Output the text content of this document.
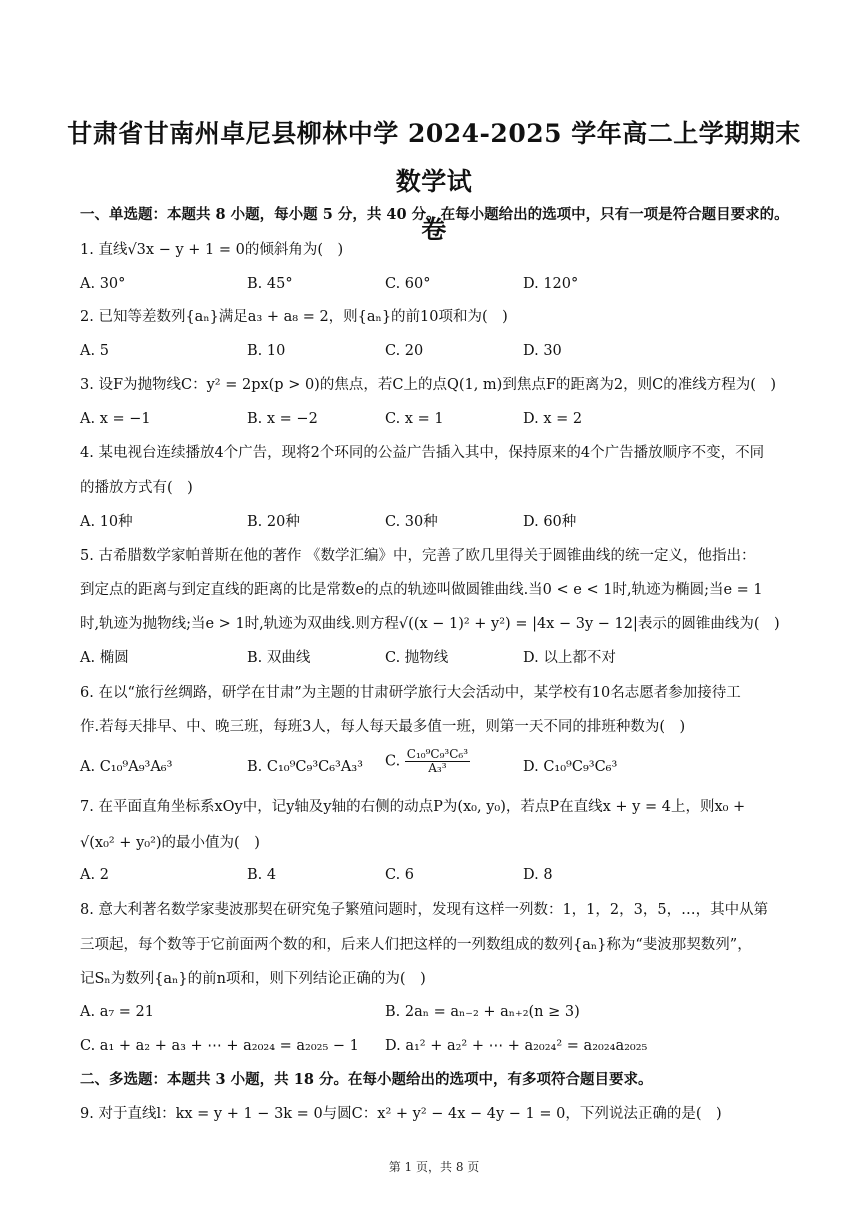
甘肃省甘南州卓尼县柳林中学 2024-2025 学年高二上学期期末数学试
卷
一、单选题：本题共 8 小题，每小题 5 分，共 40 分。在每小题给出的选项中，只有一项是符合题目要求的。
1. 直线√3x − y + 1 = 0的倾斜角为(　)
A. 30°	B. 45°	C. 60°	D. 120°
2. 已知等差数列{aₙ}满足a₃ + a₈ = 2，则{aₙ}的前10项和为(　)
A. 5	B. 10	C. 20	D. 30
3. 设F为抛物线C：y² = 2px(p > 0)的焦点，若C上的点Q(1, m)到焦点F的距离为2，则C的准线方程为(　)
A. x = −1	B. x = −2	C. x = 1	D. x = 2
4. 某电视台连续播放4个广告，现将2个环同的公益广告插入其中，保持原来的4个广告播放顺序不变，不同
的播放方式有(　)
A. 10种	B. 20种	C. 30种	D. 60种
5. 古希腊数学家帕普斯在他的著作 《数学汇编》中，完善了欧几里得关于圆锥曲线的统一定义，他指出：
到定点的距离与到定直线的距离的比是常数e的点的轨迹叫做圆锥曲线.当0 < e < 1时,轨迹为椭圆;当e = 1
时,轨迹为抛物线;当e > 1时,轨迹为双曲线.则方程√((x − 1)² + y²) = |4x − 3y − 12|表示的圆锥曲线为(　)
A. 椭圆	B. 双曲线	C. 抛物线	D. 以上都不对
6. 在以“旅行丝绸路，研学在甘肃”为主题的甘肃研学旅行大会活动中，某学校有10名志愿者参加接待工
作.若每天排早、中、晚三班，每班3人，每人每天最多值一班，则第一天不同的排班种数为(　)
A. C₁₀⁹A₉³A₆³	B. C₁₀⁹C₉³C₆³A₃³ C. $\frac{\text{C₁₀⁹C₉³C₆³}}{\text{A₃³}}$	D. C₁₀⁹C₉³C₆³
7. 在平面直角坐标系xOy中，记y轴及y轴的右侧的动点P为(x₀, y₀)，若点P在直线x + y = 4上，则x₀ +
√(x₀² + y₀²)的最小值为(　)
A. 2	B. 4	C. 6	D. 8
8. 意大利著名数学家斐波那契在研究兔子繁殖问题时，发现有这样一列数：1，1，2，3，5，…，其中从第
三项起，每个数等于它前面两个数的和，后来人们把这样的一列数组成的数列{aₙ}称为“斐波那契数列”，
记Sₙ为数列{aₙ}的前n项和，则下列结论正确的为(　)
A. a₇ = 21	B. 2aₙ = aₙ₋₂ + aₙ₊₂(n ≥ 3)
C. a₁ + a₂ + a₃ + ⋯ + a₂₀₂₄ = a₂₀₂₅ − 1 D. a₁² + a₂² + ⋯ + a₂₀₂₄² = a₂₀₂₄a₂₀₂₅
二、多选题：本题共 3 小题，共 18 分。在每小题给出的选项中，有多项符合题目要求。
9. 对于直线l：kx = y + 1 − 3k = 0与圆C：x² + y² − 4x − 4y − 1 = 0，下列说法正确的是(　)
第 1 页，共 8 页
